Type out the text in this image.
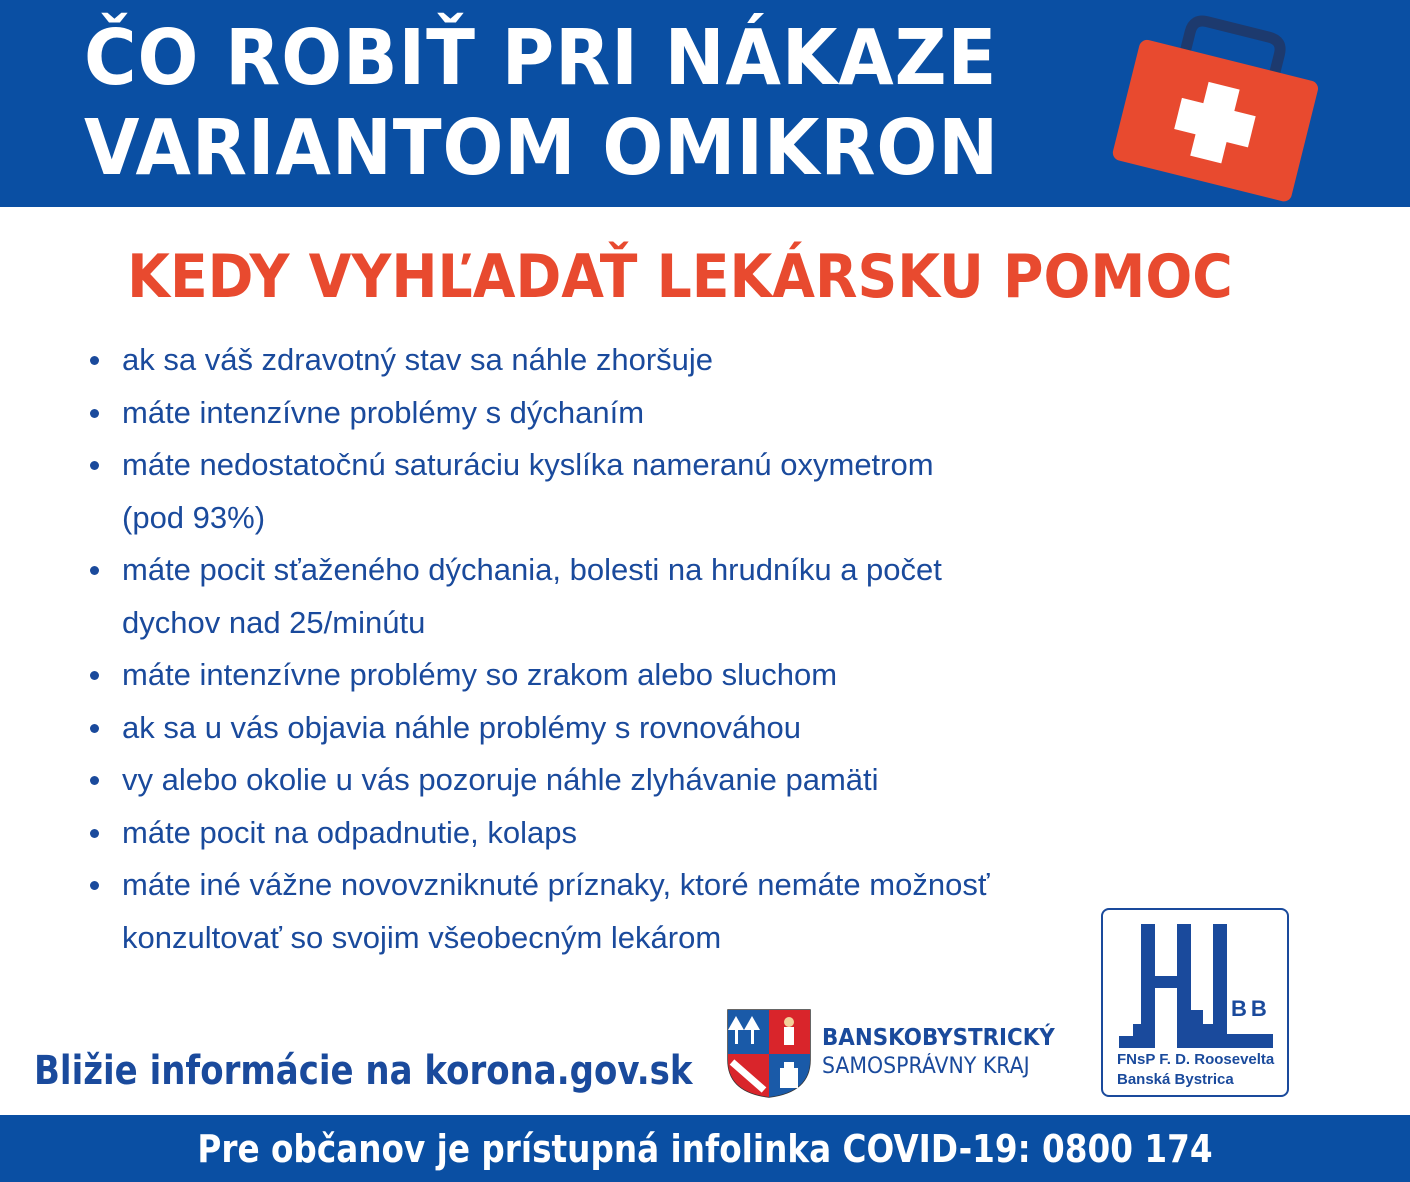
ČO ROBIŤ PRI NÁKAZE
VARIANTOM OMIKRON
KEDY VYHĽADAŤ LEKÁRSKU POMOC
ak sa váš zdravotný stav sa náhle zhoršuje
máte intenzívne problémy s dýchaním
máte nedostatočnú saturáciu kyslíka nameranú oxymetrom
(pod 93%)
máte pocit sťaženého dýchania, bolesti na hrudníku a počet
dychov nad 25/minútu
máte intenzívne problémy so zrakom alebo sluchom
ak sa u vás objavia náhle problémy s rovnováhou
vy alebo okolie u vás pozoruje náhle zlyhávanie pamäti
máte pocit na odpadnutie, kolaps
máte iné vážne novovzniknuté príznaky, ktoré nemáte možnosť
konzultovať so svojim všeobecným lekárom
Bližie informácie na korona.gov.sk
BANSKOBYSTRICKÝ
SAMOSPRÁVNY KRAJ
BB
FNsP F. D. Roosevelta
Banská Bystrica
Pre občanov je prístupná infolinka COVID-19: 0800 174
